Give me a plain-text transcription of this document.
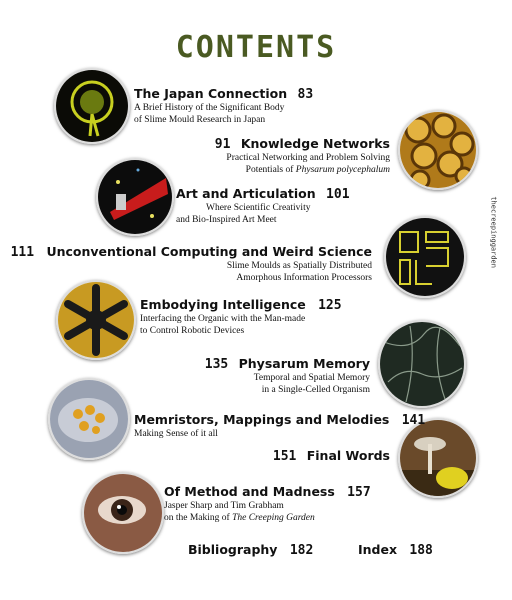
CONTENTS
thecreepinggarden
The Japan Connection 83
A Brief History of the Significant Body
of Slime Mould Research in Japan
91 Knowledge Networks
Practical Networking and Problem Solving
Potentials of Physarum polycephalum
Art and Articulation 101
Where Scientific Creativity
and Bio-Inspired Art Meet
111 Unconventional Computing and Weird Science
Slime Moulds as Spatially Distributed
Amorphous Information Processors
Embodying Intelligence 125
Interfacing the Organic with the Man-made
to Control Robotic Devices
135 Physarum Memory
Temporal and Spatial Memory
in a Single-Celled Organism
Memristors, Mappings and Melodies 141
Making Sense of it all
151 Final Words
Of Method and Madness 157
Jasper Sharp and Tim Grabham
on the Making of The Creeping Garden
Bibliography 182	Index 188
